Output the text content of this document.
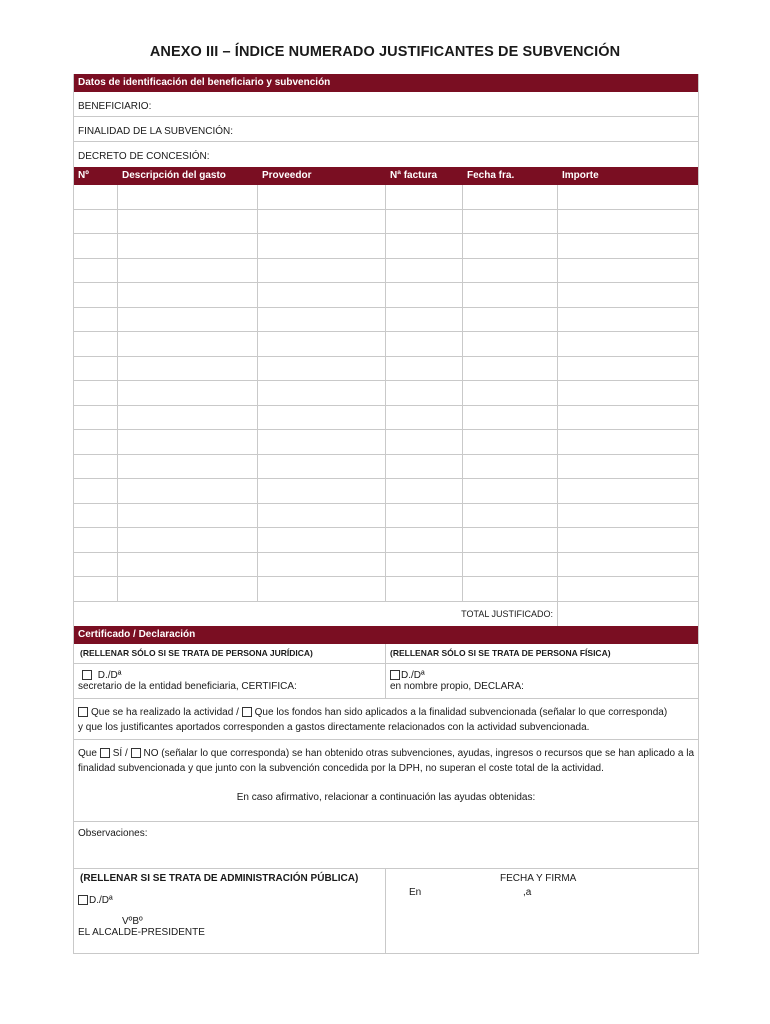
ANEXO III – ÍNDICE NUMERADO JUSTIFICANTES DE SUBVENCIÓN
Datos de identificación del beneficiario y subvención
BENEFICIARIO:
FINALIDAD DE LA SUBVENCIÓN:
DECRETO DE CONCESIÓN:
Nº	Descripción del gasto	Proveedor	Nª factura	Fecha fra.	Importe
TOTAL JUSTIFICADO:
Certificado / Declaración
(RELLENAR SÓLO SI SE TRATA DE PERSONA JURÍDICA)
D./Dª
secretario de la entidad beneficiaria, CERTIFICA:
(RELLENAR SÓLO SI SE TRATA DE PERSONA FÍSICA)
D./Dª
en nombre propio, DECLARA:
Que se ha realizado la actividad / Que los fondos han sido aplicados a la finalidad subvencionada (señalar lo que corresponda)
y que los justificantes aportados corresponden a gastos directamente relacionados con la actividad subvencionada.
Que SÍ / NO (señalar lo que corresponda) se han obtenido otras subvenciones, ayudas, ingresos o recursos que se han aplicado a la finalidad subvencionada y que junto con la subvención concedida por la DPH, no superan el coste total de la actividad.
En caso afirmativo, relacionar a continuación las ayudas obtenidas:
Observaciones:
(RELLENAR SI SE TRATA DE ADMINISTRACIÓN PÚBLICA)
D./Dª
VºBº
EL ALCALDE-PRESIDENTE
FECHA Y FIRMA
En	,a
